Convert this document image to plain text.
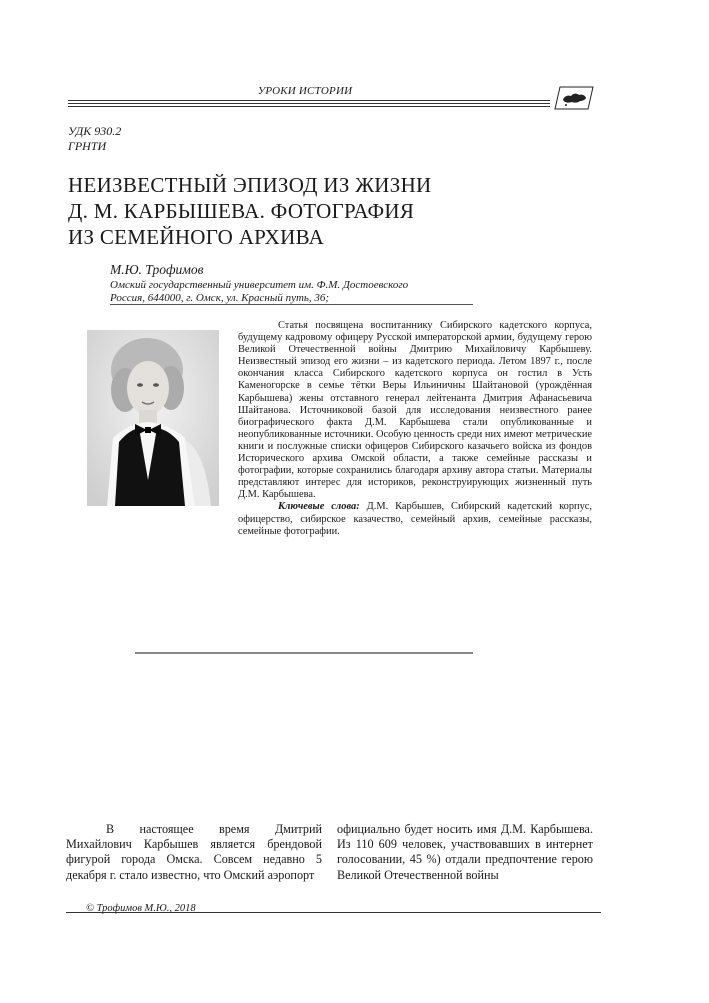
УРОКИ ИСТОРИИ
УДК 930.2
ГРНТИ
НЕИЗВЕСТНЫЙ ЭПИЗОД ИЗ ЖИЗНИ
Д. М. КАРБЫШЕВА. ФОТОГРАФИЯ
ИЗ СЕМЕЙНОГО АРХИВА
М.Ю. Трофимов
Омский государственный университет им. Ф.М. Достоевского
Россия, 644000, г. Омск, ул. Красный путь, 36;

Статья посвящена воспитаннику Сибирского кадетского корпуса, будущему кадровому офицеру Русской императорской армии, будущему герою Великой Отечественной войны Дмитрию Михайловичу Карбышеву. Неизвестный эпизод его жизни – из кадетского периода. Летом 1897 г., после окончания класса Сибирского кадетского корпуса он гостил в Усть Каменогорске в семье тётки Веры Ильиничны Шайтановой (урождённая Карбышева) жены отставного генерал лейтенанта Дмитрия Афанасьевича Шайтанова. Источниковой базой для исследования неизвестного ранее биографического факта Д.М. Карбышева стали опубликованные и неопубликованные источники. Особую ценность среди них имеют метрические книги и послужные списки офицеров Сибирского казачьего войска из фондов Исторического архива Омской области, а также семейные рассказы и фотографии, которые сохранились благодаря архиву автора статьи. Материалы представляют интерес для историков, реконструирующих жизненный путь Д.М. Карбышева.

Ключевые слова: Д.М. Карбышев, Сибирский кадетский корпус, офицерство, сибирское казачество, семейный архив, семейные рассказы, семейные фотографии.

В настоящее время Дмитрий Михайлович Карбышев является брендовой фигурой города Омска. Совсем недавно 5 декабря г. стало известно, что Омский аэропорт
официально будет носить имя Д.М. Карбышева. Из 110 609 человек, участвовавших в интернет голосовании, 45 %) отдали предпочтение герою Великой Отечественной войны
© Трофимов М.Ю., 2018
